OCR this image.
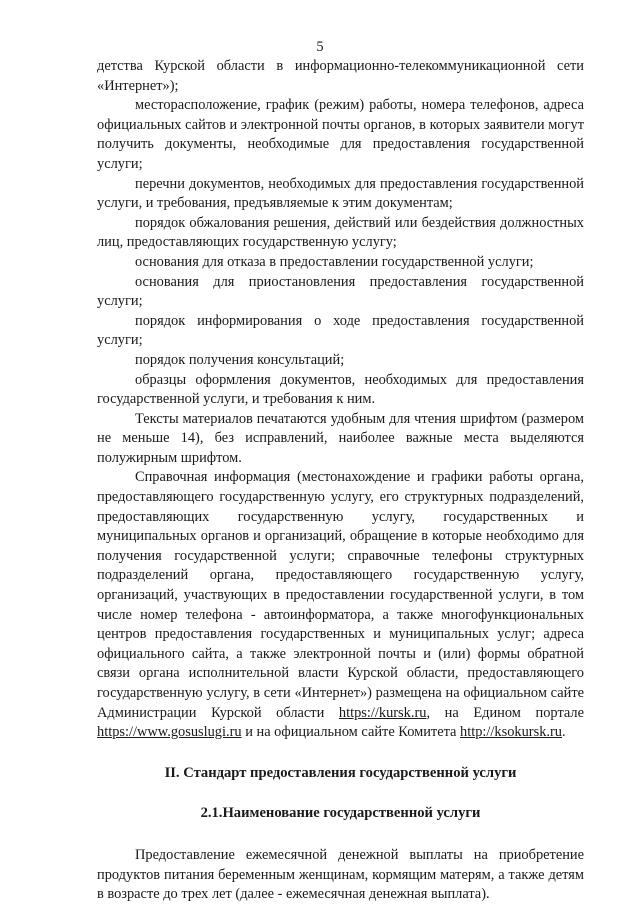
5

детства Курской области в информационно-телекоммуникационной сети «Интернет»);

месторасположение, график (режим) работы, номера телефонов, адреса официальных сайтов и электронной почты органов, в которых заявители могут получить документы, необходимые для предоставления государственной услуги;

перечни документов, необходимых для предоставления государственной услуги, и требования, предъявляемые к этим документам;

порядок обжалования решения, действий или бездействия должностных лиц, предоставляющих государственную услугу;

основания для отказа в предоставлении государственной услуги;

основания для приостановления предоставления государственной услуги;

порядок информирования о ходе предоставления государственной услуги;

порядок получения консультаций;

образцы оформления документов, необходимых для предоставления государственной услуги, и требования к ним.

Тексты материалов печатаются удобным для чтения шрифтом (размером не меньше 14), без исправлений, наиболее важные места выделяются полужирным шрифтом.

Справочная информация (местонахождение и графики работы органа, предоставляющего государственную услугу, его структурных подразделений, предоставляющих государственную услугу, государственных и муниципальных органов и организаций, обращение в которые необходимо для получения государственной услуги; справочные телефоны структурных подразделений органа, предоставляющего государственную услугу, организаций, участвующих в предоставлении государственной услуги, в том числе номер телефона - автоинформатора, а также многофункциональных центров предоставления государственных и муниципальных услуг; адреса официального сайта, а также электронной почты и (или) формы обратной связи органа исполнительной власти Курской области, предоставляющего государственную услугу, в сети «Интернет») размещена на официальном сайте Администрации Курской области https://kursk.ru, на Едином портале https://www.gosuslugi.ru и на официальном сайте Комитета http://ksokursk.ru.

II. Стандарт предоставления государственной услуги
2.1.Наименование государственной услуги

Предоставление ежемесячной денежной выплаты на приобретение продуктов питания беременным женщинам, кормящим матерям, а также детям в возрасте до трех лет (далее - ежемесячная денежная выплата).
